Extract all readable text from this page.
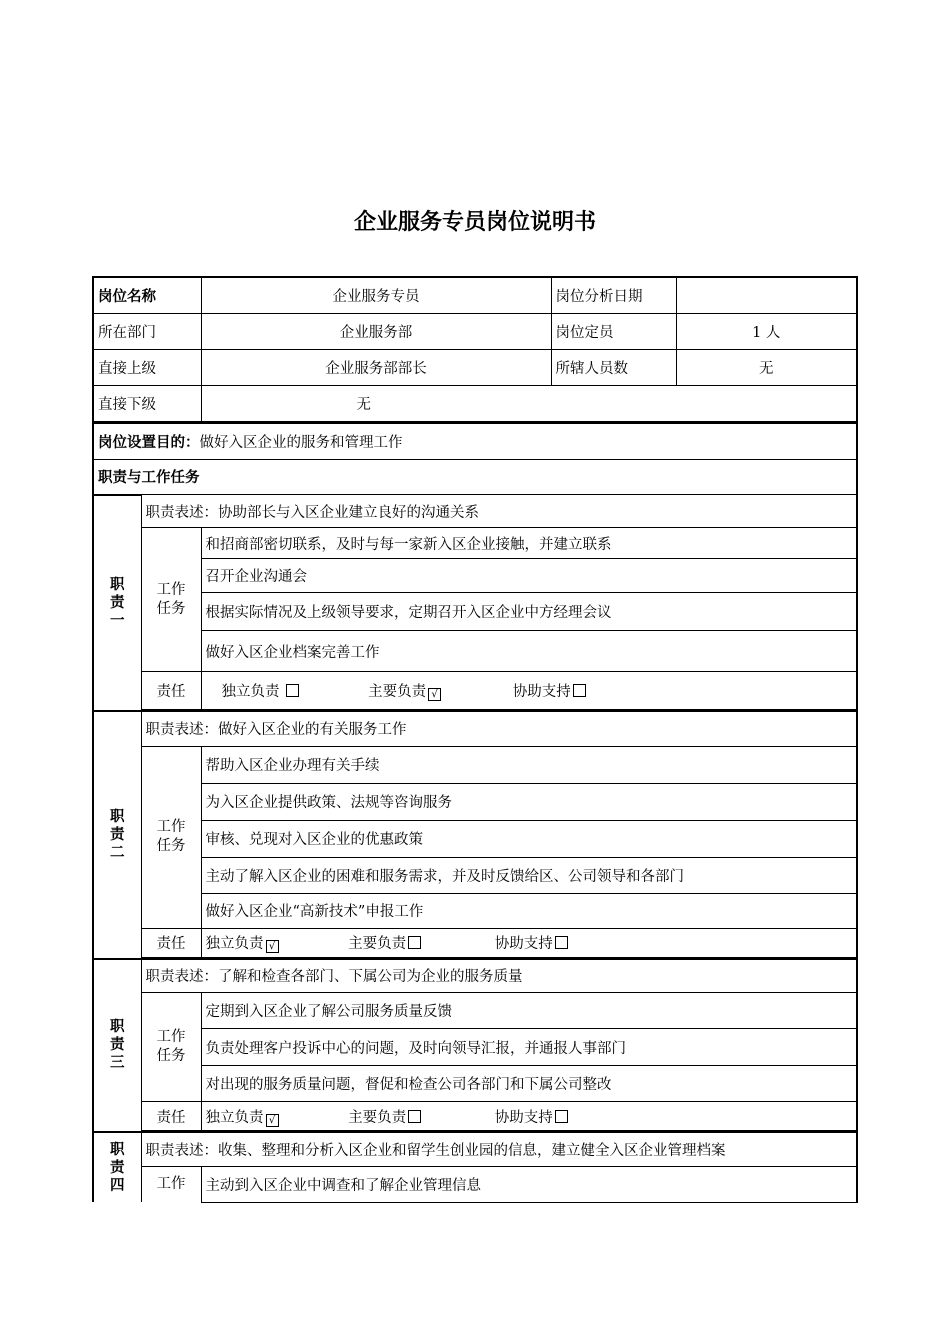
企业服务专员岗位说明书
岗位名称	企业服务专员	岗位分析日期	
所在部门	企业服务部	岗位定员	1 人
直接上级	企业服务部部长	所辖人员数	无
直接下级	无		
岗位设置目的：做好入区企业的服务和管理工作		
职责与工作任务		
职
责
一	职责表述：协助部长与入区企业建立良好的沟通关系	
	工作
任务	和招商部密切联系，及时与每一家新入区企业接触，并建立联系
		召开企业沟通会
		根据实际情况及上级领导要求，定期召开入区企业中方经理会议
		做好入区企业档案完善工作
	责任	独立负责 主要负责 √ 协助支持

职
责
二	职责表述：做好入区企业的有关服务工作	
	工作
任务	帮助入区企业办理有关手续
		为入区企业提供政策、法规等咨询服务
		审核、兑现对入区企业的优惠政策
		主动了解入区企业的困难和服务需求，并及时反馈给区、公司领导和各部门
		做好入区企业“高新技术”申报工作
	责任	独立负责 √ 主要负责 协助支持

职
责
三	职责表述：了解和检查各部门、下属公司为企业的服务质量	
	工作
任务	定期到入区企业了解公司服务质量反馈
		负责处理客户投诉中心的问题，及时向领导汇报，并通报人事部门
		对出现的服务质量问题，督促和检查公司各部门和下属公司整改
	责任	独立负责 √ 主要负责 协助支持

职
责
四	职责表述：收集、整理和分析入区企业和留学生创业园的信息，建立健全入区企业管理档案	
	工作	主动到入区企业中调查和了解企业管理信息
